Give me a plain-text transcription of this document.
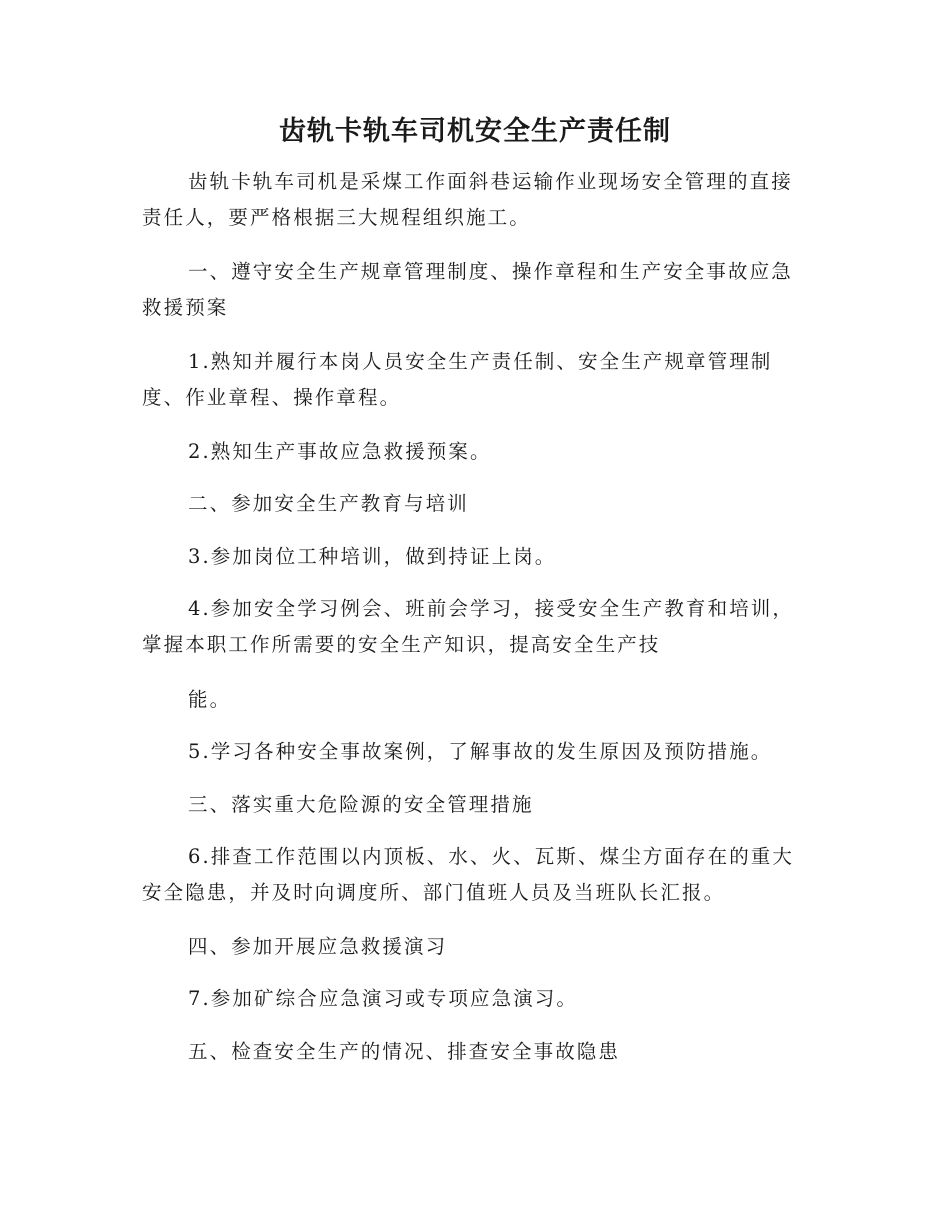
齿轨卡轨车司机安全生产责任制

齿轨卡轨车司机是采煤工作面斜巷运输作业现场安全管理的直接责任人，要严格根据三大规程组织施工。

一、遵守安全生产规章管理制度、操作章程和生产安全事故应急救援预案

1.熟知并履行本岗人员安全生产责任制、安全生产规章管理制度、作业章程、操作章程。

2.熟知生产事故应急救援预案。

二、参加安全生产教育与培训

3.参加岗位工种培训，做到持证上岗。

4.参加安全学习例会、班前会学习，接受安全生产教育和培训，掌握本职工作所需要的安全生产知识，提高安全生产技

能。

5.学习各种安全事故案例，了解事故的发生原因及预防措施。

三、落实重大危险源的安全管理措施

6.排查工作范围以内顶板、水、火、瓦斯、煤尘方面存在的重大安全隐患，并及时向调度所、部门值班人员及当班队长汇报。

四、参加开展应急救援演习

7.参加矿综合应急演习或专项应急演习。

五、检查安全生产的情况、排查安全事故隐患
